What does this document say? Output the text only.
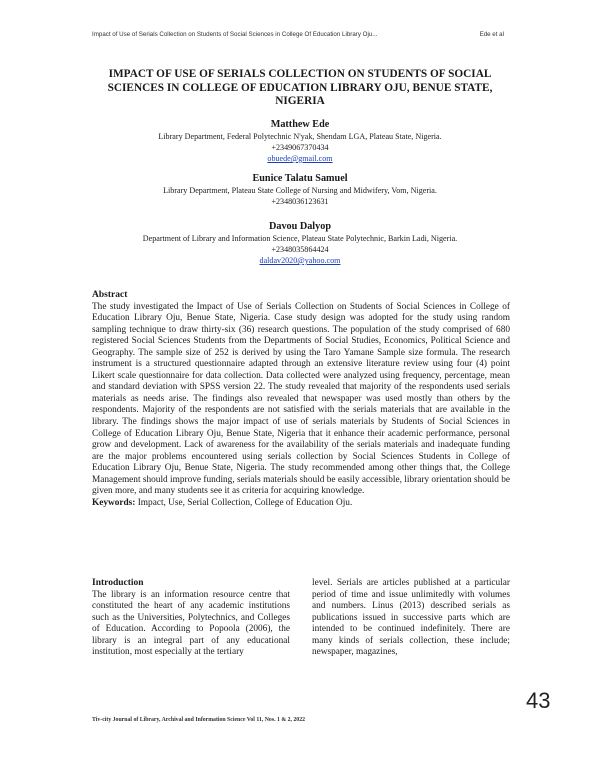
Impact of Use of Serials Collection on Students of Social Sciences in College Of Education Library Oju...	Ede et al
IMPACT OF USE OF SERIALS COLLECTION ON STUDENTS OF SOCIAL SCIENCES IN COLLEGE OF EDUCATION LIBRARY OJU, BENUE STATE, NIGERIA
Matthew Ede
Library Department, Federal Polytechnic N'yak, Shendam LGA, Plateau State, Nigeria.
+2349067370434
obuede@gmail.com
Eunice Talatu Samuel
Library Department, Plateau State College of Nursing and Midwifery, Vom, Nigeria.
+2348036123631
Davou Dalyop
Department of Library and Information Science, Plateau State Polytechnic, Barkin Ladi, Nigeria.
+2348035864424
daldav2020@yahoo.com
Abstract

The study investigated the Impact of Use of Serials Collection on Students of Social Sciences in College of Education Library Oju, Benue State, Nigeria. Case study design was adopted for the study using random sampling technique to draw thirty-six (36) research questions. The population of the study comprised of 680 registered Social Sciences Students from the Departments of Social Studies, Economics, Political Science and Geography. The sample size of 252 is derived by using the Taro Yamane Sample size formula. The research instrument is a structured questionnaire adapted through an extensive literature review using four (4) point Likert scale questionnaire for data collection. Data collected were analyzed using frequency, percentage, mean and standard deviation with SPSS version 22. The study revealed that majority of the respondents used serials materials as needs arise. The findings also revealed that newspaper was used mostly than others by the respondents. Majority of the respondents are not satisfied with the serials materials that are available in the library. The findings shows the major impact of use of serials materials by Students of Social Sciences in College of Education Library Oju, Benue State, Nigeria that it enhance their academic performance, personal grow and development. Lack of awareness for the availability of the serials materials and inadequate funding are the major problems encountered using serials collection by Social Sciences Students in College of Education Library Oju, Benue State, Nigeria. The study recommended among other things that, the College Management should improve funding, serials materials should be easily accessible, library orientation should be given more, and many students see it as criteria for acquiring knowledge.

Keywords: Impact, Use, Serial Collection, College of Education Oju.

Introduction

The library is an information resource centre that constituted the heart of any academic institutions such as the Universities, Polytechnics, and Colleges of Education. According to Popoola (2006), the library is an integral part of any educational institution, most especially at the tertiary

level. Serials are articles published at a particular period of time and issue unlimitedly with volumes and numbers. Linus (2013) described serials as publications issued in successive parts which are intended to be continued indefinitely. There are many kinds of serials collection, these include; newspaper, magazines,

Tiv-city Journal of Library, Archival and Information Science Vol 11, Nos. 1 & 2, 2022
43
